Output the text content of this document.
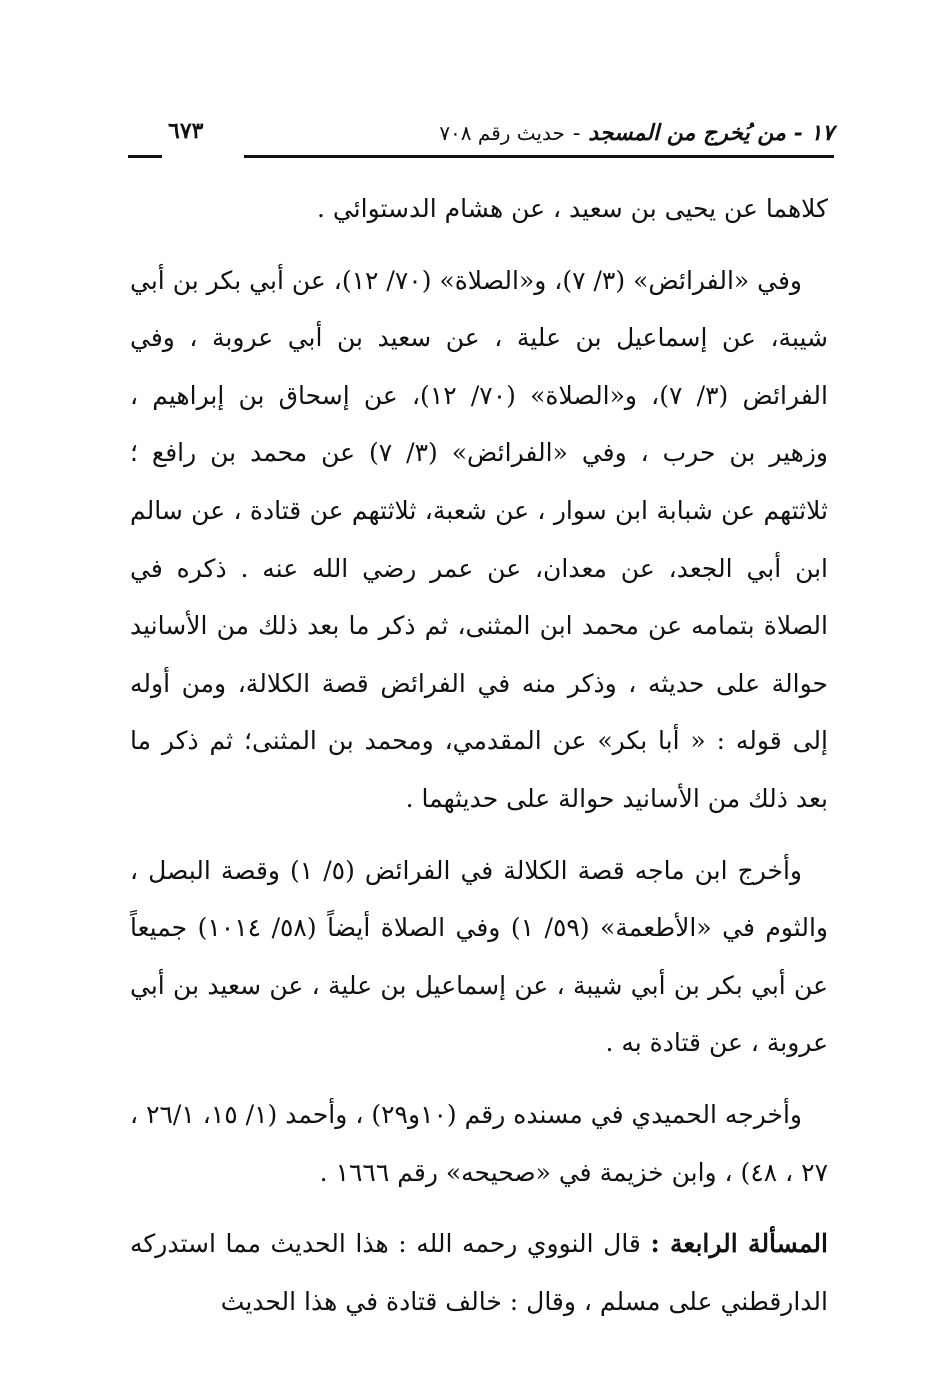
١٧ - من يُخرج من المسجد-حديث رقم ٧٠٨
٦٧٣

كلاهما عن يحيى بن سعيد ، عن هشام الدستوائي .

وفي «الفرائض» (٣/ ٧)، و«الصلاة» (٧٠/ ١٢)، عن أبي بكر بن أبي شيبة، عن إسماعيل بن علية ، عن سعيد بن أبي عروبة ، وفي الفرائض (٣/ ٧)، و«الصلاة» (٧٠/ ١٢)، عن إسحاق بن إبراهيم ، وزهير بن حرب ، وفي «الفرائض» (٣/ ٧) عن محمد بن رافع ؛ ثلاثتهم عن شبابة ابن سوار ، عن شعبة، ثلاثتهم عن قتادة ، عن سالم ابن أبي الجعد، عن معدان، عن عمر رضي الله عنه . ذكره في الصلاة بتمامه عن محمد ابن المثنى، ثم ذكر ما بعد ذلك من الأسانيد حوالة على حديثه ، وذكر منه في الفرائض قصة الكلالة، ومن أوله إلى قوله : « أبا بكر» عن المقدمي، ومحمد بن المثنى؛ ثم ذكر ما بعد ذلك من الأسانيد حوالة على حديثهما .

وأخرج ابن ماجه قصة الكلالة في الفرائض (٥/ ١) وقصة البصل ، والثوم في «الأطعمة» (٥٩/ ١) وفي الصلاة أيضاً (٥٨/ ١٠١٤) جميعاً عن أبي بكر بن أبي شيبة ، عن إسماعيل بن علية ، عن سعيد بن أبي عروبة ، عن قتادة به .

وأخرجه الحميدي في مسنده رقم (١٠و٢٩) ، وأحمد (١/ ١٥، ٢٦/١ ، ٢٧ ، ٤٨) ، وابن خزيمة في «صحيحه» رقم ١٦٦٦ .

المسألة الرابعة : قال النووي رحمه الله : هذا الحديث مما استدركه الدارقطني على مسلم ، وقال : خالف قتادة في هذا الحديث
